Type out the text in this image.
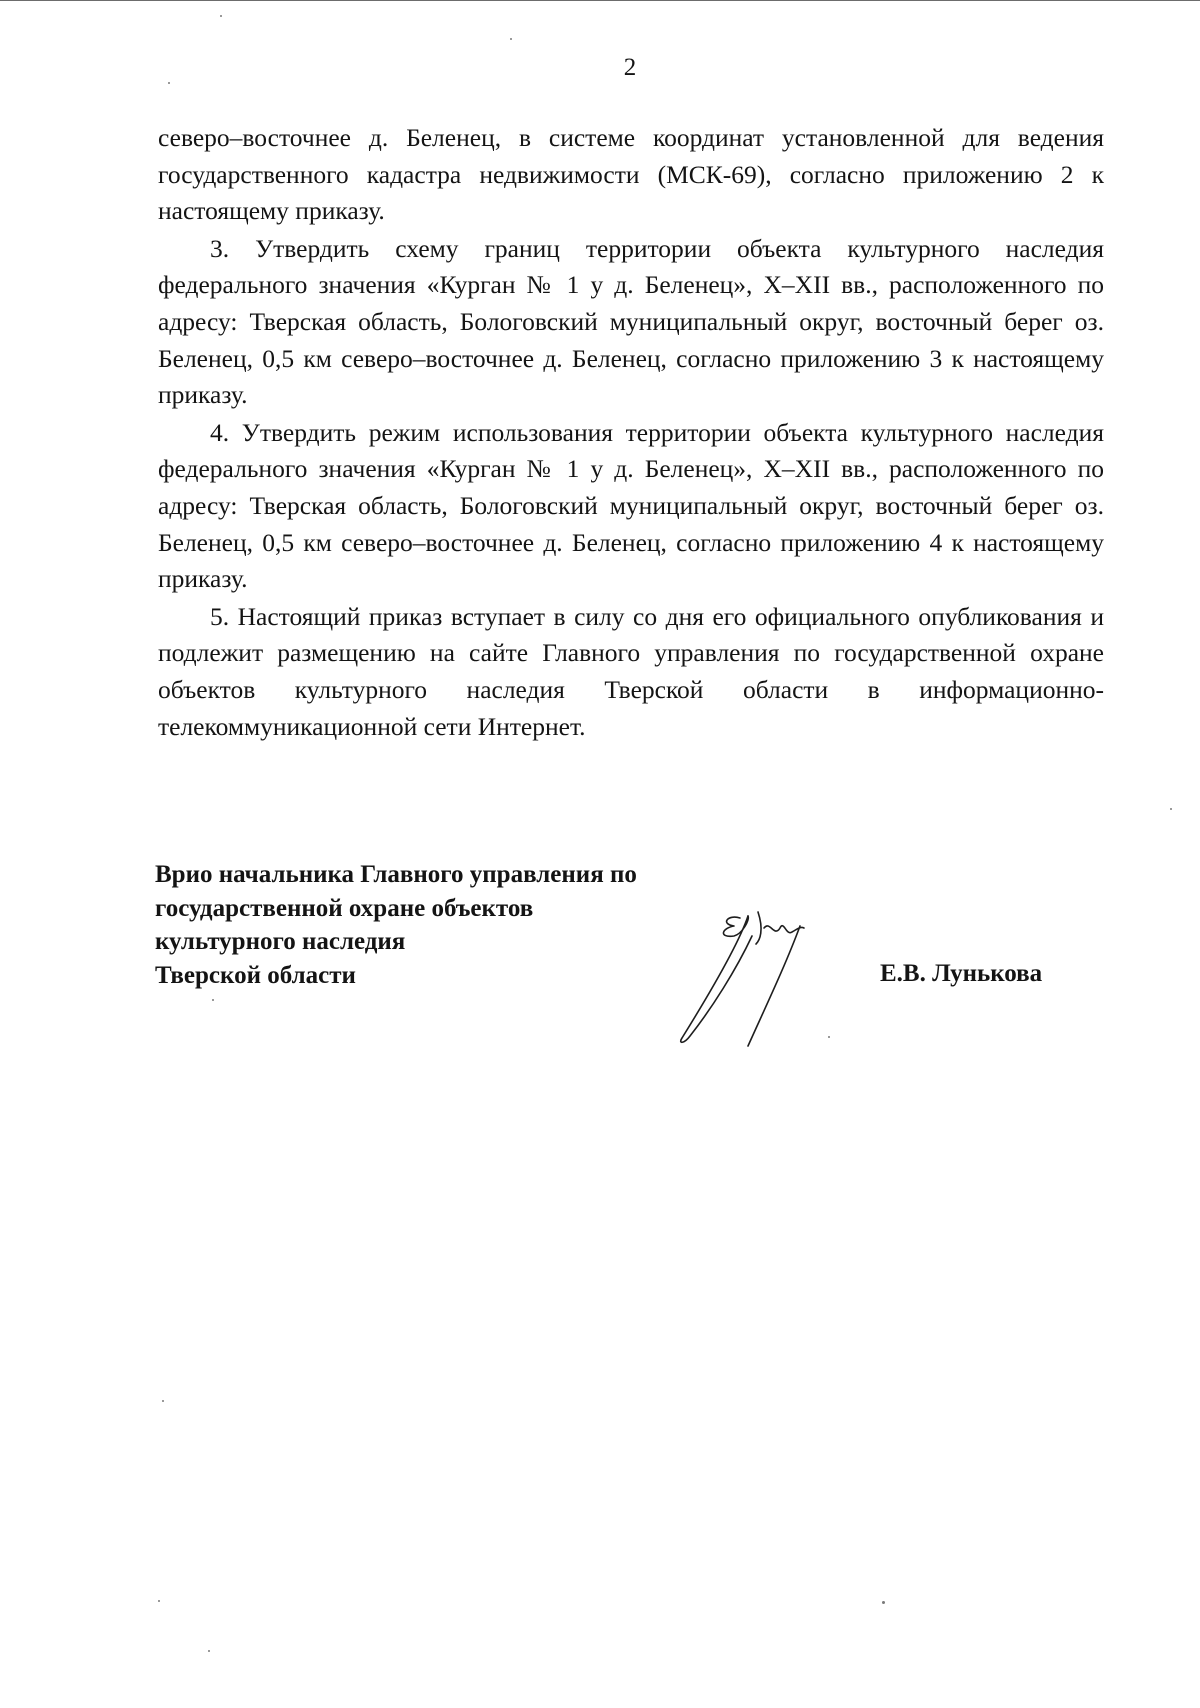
2

северо–восточнее д. Беленец, в системе координат установленной для ведения государственного кадастра недвижимости (МСК-69), согласно приложению 2 к настоящему приказу.

3. Утвердить схему границ территории объекта культурного наследия федерального значения «Курган № 1 у д. Беленец», X–XII вв., расположенного по адресу: Тверская область, Бологовский муниципальный округ, восточный берег оз. Беленец, 0,5 км северо–восточнее д. Беленец, согласно приложению 3 к настоящему приказу.

4. Утвердить режим использования территории объекта культурного наследия федерального значения «Курган № 1 у д. Беленец», X–XII вв., расположенного по адресу: Тверская область, Бологовский муниципальный округ, восточный берег оз. Беленец, 0,5 км северо–восточнее д. Беленец, согласно приложению 4 к настоящему приказу.

5. Настоящий приказ вступает в силу со дня его официального опубликования и подлежит размещению на сайте Главного управления по государственной охране объектов культурного наследия Тверской области в информационно-телекоммуникационной сети Интернет.

Врио начальника Главного управления по
государственной охране объектов
культурного наследия
Тверской области	Е.В. Лунькова
